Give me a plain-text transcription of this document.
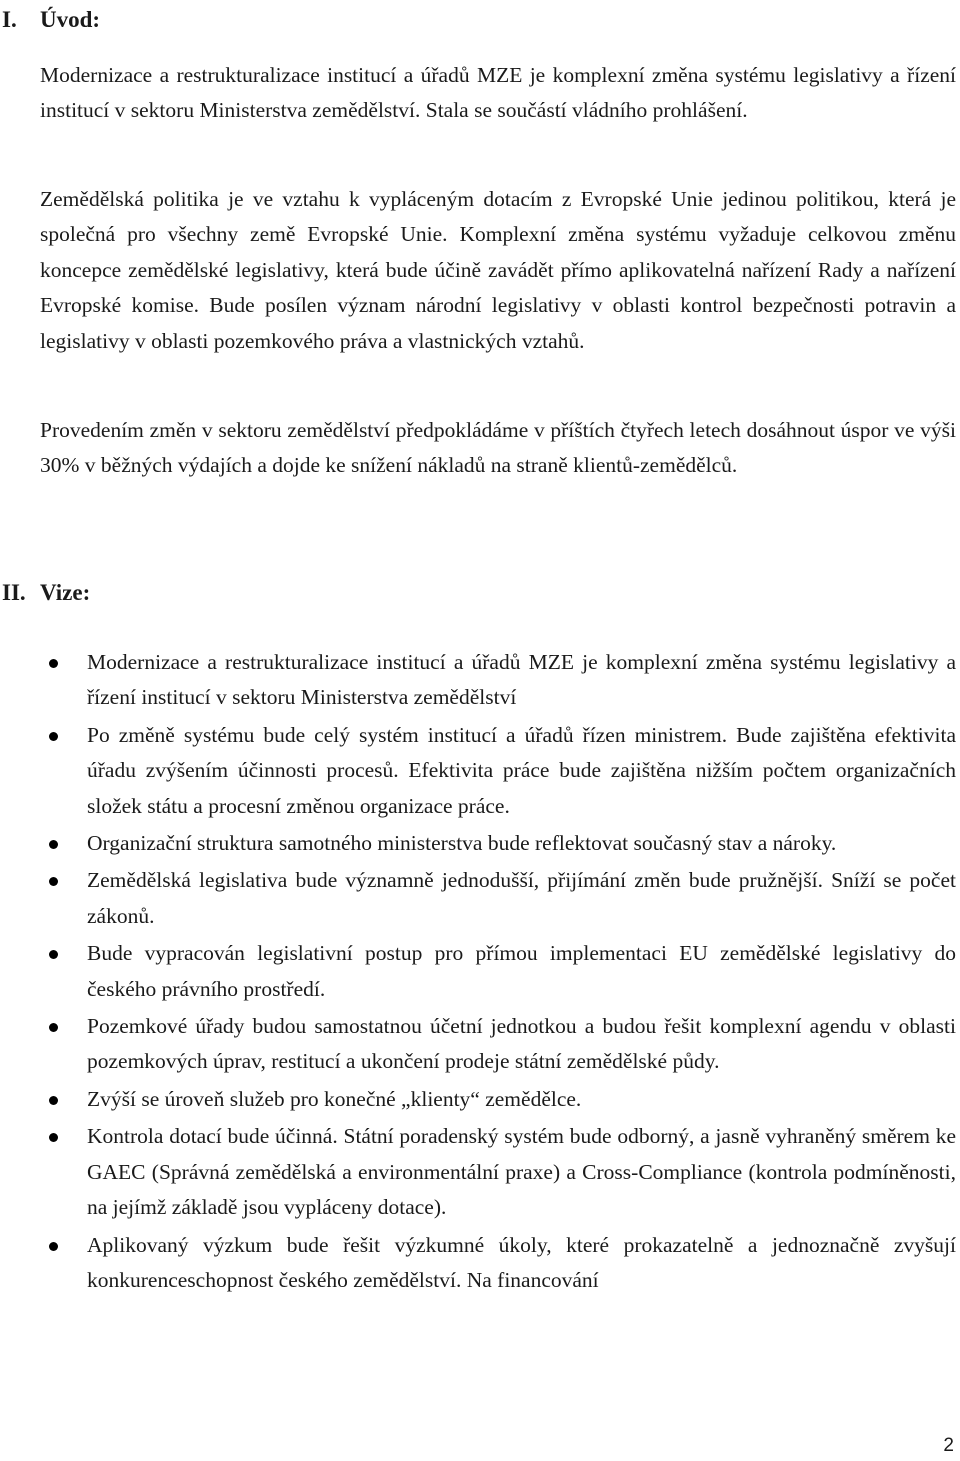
I. Úvod:

Modernizace a restrukturalizace institucí a úřadů MZE je komplexní změna systému legislativy a řízení institucí v sektoru Ministerstva zemědělství. Stala se součástí vládního prohlášení.

Zemědělská politika je ve vztahu k vypláceným dotacím z Evropské Unie jedinou politikou, která je společná pro všechny země Evropské Unie. Komplexní změna systému vyžaduje celkovou změnu koncepce zemědělské legislativy, která bude účině zavádět přímo aplikovatelná nařízení Rady a nařízení Evropské komise. Bude posílen význam národní legislativy v oblasti kontrol bezpečnosti potravin a legislativy v oblasti pozemkového práva a vlastnických vztahů.

Provedením změn v sektoru zemědělství předpokládáme v příštích čtyřech letech dosáhnout úspor ve výši 30% v běžných výdajích a dojde ke snížení nákladů na straně klientů-zemědělců.

II. Vize:
Modernizace a restrukturalizace institucí a úřadů MZE je komplexní změna systému legislativy a řízení institucí v sektoru Ministerstva zemědělství
Po změně systému bude celý systém institucí a úřadů řízen ministrem. Bude zajištěna efektivita úřadu zvýšením účinnosti procesů. Efektivita práce bude zajištěna nižším počtem organizačních složek státu a procesní změnou organizace práce.
Organizační struktura samotného ministerstva bude reflektovat současný stav a nároky.
Zemědělská legislativa bude významně jednodušší, přijímání změn bude pružnější. Sníží se počet zákonů.
Bude vypracován legislativní postup pro přímou implementaci EU zemědělské legislativy do českého právního prostředí.
Pozemkové úřady budou samostatnou účetní jednotkou a budou řešit komplexní agendu v oblasti pozemkových úprav, restitucí a ukončení prodeje státní zemědělské půdy.
Zvýší se úroveň služeb pro konečné „klienty“ zemědělce.
Kontrola dotací bude účinná. Státní poradenský systém bude odborný, a jasně vyhraněný směrem ke GAEC (Správná zemědělská a environmentální praxe) a Cross-Compliance (kontrola podmíněnosti, na jejímž základě jsou vypláceny dotace).
Aplikovaný výzkum bude řešit výzkumné úkoly, které prokazatelně a jednoznačně zvyšují konkurenceschopnost českého zemědělství. Na financování
2
